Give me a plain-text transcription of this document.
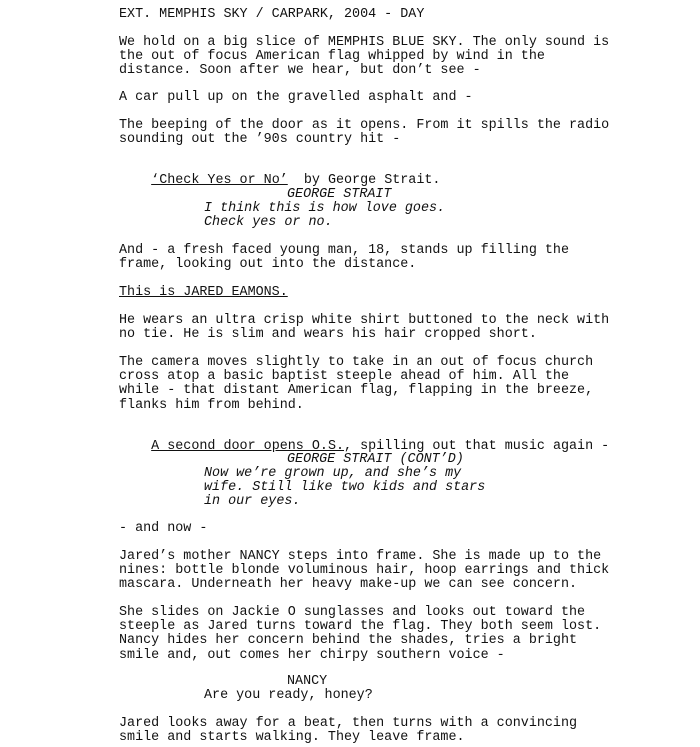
EXT. MEMPHIS SKY / CARPARK, 2004 - DAY

We hold on a big slice of MEMPHIS BLUE SKY. The only sound is
the out of focus American flag whipped by wind in the
distance. Soon after we hear, but don’t see -

A car pull up on the gravelled asphalt and -

The beeping of the door as it opens. From it spills the radio
sounding out the ’90s country hit -

‘Check Yes or No’  by George Strait.

GEORGE STRAIT

I think this is how love goes.
Check yes or no.

And - a fresh faced young man, 18, stands up filling the
frame, looking out into the distance.

This is JARED EAMONS.

He wears an ultra crisp white shirt buttoned to the neck with
no tie. He is slim and wears his hair cropped short.

The camera moves slightly to take in an out of focus church
cross atop a basic baptist steeple ahead of him. All the
while - that distant American flag, flapping in the breeze,
flanks him from behind.

A second door opens O.S., spilling out that music again -

GEORGE STRAIT (CONT’D)

Now we’re grown up, and she’s my
wife. Still like two kids and stars
in our eyes.

- and now -

Jared’s mother NANCY steps into frame. She is made up to the
nines: bottle blonde voluminous hair, hoop earrings and thick
mascara. Underneath her heavy make-up we can see concern.

She slides on Jackie O sunglasses and looks out toward the
steeple as Jared turns toward the flag. They both seem lost.
Nancy hides her concern behind the shades, tries a bright
smile and, out comes her chirpy southern voice -

NANCY

Are you ready, honey?

Jared looks away for a beat, then turns with a convincing
smile and starts walking. They leave frame.
